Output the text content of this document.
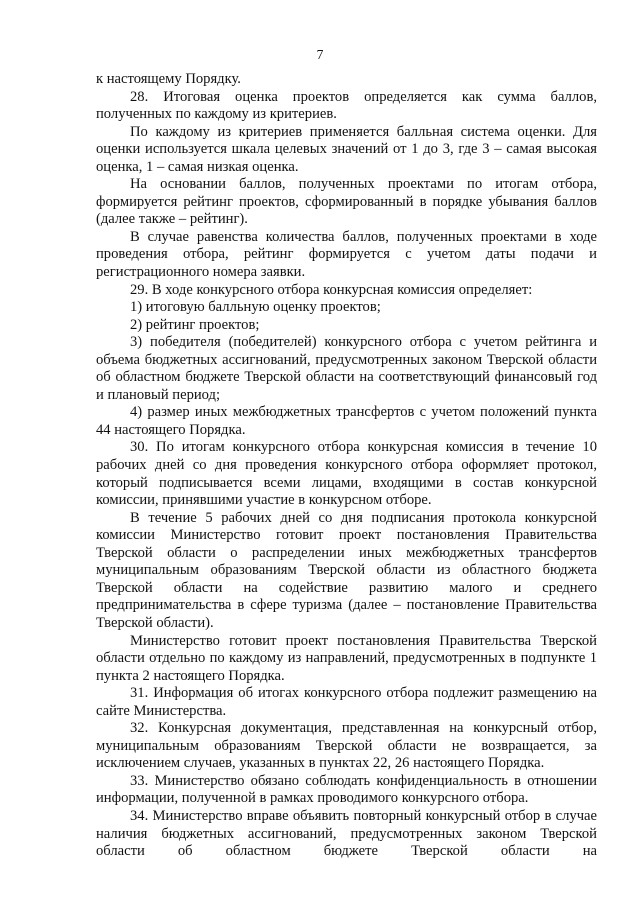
7

к настоящему Порядку.

28. Итоговая оценка проектов определяется как сумма баллов, полученных по каждому из критериев.

По каждому из критериев применяется балльная система оценки. Для оценки используется шкала целевых значений от 1 до 3, где 3 – самая высокая оценка, 1 – самая низкая оценка.

На основании баллов, полученных проектами по итогам отбора, формируется рейтинг проектов, сформированный в порядке убывания баллов (далее также – рейтинг).

В случае равенства количества баллов, полученных проектами в ходе проведения отбора, рейтинг формируется с учетом даты подачи и регистрационного номера заявки.

29. В ходе конкурсного отбора конкурсная комиссия определяет:

1) итоговую балльную оценку проектов;

2) рейтинг проектов;

3) победителя (победителей) конкурсного отбора с учетом рейтинга и объема бюджетных ассигнований, предусмотренных законом Тверской области об областном бюджете Тверской области на соответствующий финансовый год и плановый период;

4) размер иных межбюджетных трансфертов с учетом положений пункта 44 настоящего Порядка.

30. По итогам конкурсного отбора конкурсная комиссия в течение 10 рабочих дней со дня проведения конкурсного отбора оформляет протокол, который подписывается всеми лицами, входящими в состав конкурсной комиссии, принявшими участие в конкурсном отборе.

В течение 5 рабочих дней со дня подписания протокола конкурсной комиссии Министерство готовит проект постановления Правительства Тверской области о распределении иных межбюджетных трансфертов муниципальным образованиям Тверской области из областного бюджета Тверской области на содействие развитию малого и среднего предпринимательства в сфере туризма (далее – постановление Правительства Тверской области).

Министерство готовит проект постановления Правительства Тверской области отдельно по каждому из направлений, предусмотренных в подпункте 1 пункта 2 настоящего Порядка.

31. Информация об итогах конкурсного отбора подлежит размещению на сайте Министерства.

32. Конкурсная документация, представленная на конкурсный отбор, муниципальным образованиям Тверской области не возвращается, за исключением случаев, указанных в пунктах 22, 26 настоящего Порядка.

33. Министерство обязано соблюдать конфиденциальность в отношении информации, полученной в рамках проводимого конкурсного отбора.

34. Министерство вправе объявить повторный конкурсный отбор в случае наличия бюджетных ассигнований, предусмотренных законом Тверской области об областном бюджете Тверской области на
